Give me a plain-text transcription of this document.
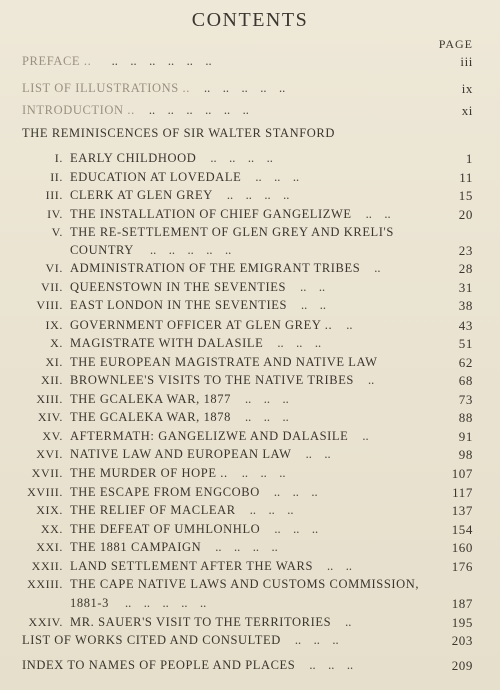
CONTENTS
PAGE
PREFACE ..	iii
..    ..    ..    ..    ..    ..
LIST OF ILLUSTRATIONS ..	ix
..    ..    ..    ..    ..
INTRODUCTION ..	xi
..    ..    ..    ..    ..    ..
THE REMINISCENCES OF SIR WALTER STANFORD
I. EARLY CHILDHOOD	1
..    ..    ..    ..
II. EDUCATION AT LOVEDALE	11
..    ..    ..
III. CLERK AT GLEN GREY	15
..    ..    ..    ..
IV. THE INSTALLATION OF CHIEF GANGELIZWE	20
..    ..
V. THE RE-SETTLEMENT OF GLEN GREY AND KRELI'S
COUNTRY	23
..    ..    ..    ..    ..
VI. ADMINISTRATION OF THE EMIGRANT TRIBES	28
..
VII. QUEENSTOWN IN THE SEVENTIES	31
..    ..
VIII. EAST LONDON IN THE SEVENTIES	38
..    ..
IX. GOVERNMENT OFFICER AT GLEN GREY ..	43
..
X. MAGISTRATE WITH DALASILE	51
..    ..    ..
XI. THE EUROPEAN MAGISTRATE AND NATIVE LAW	62
XII. BROWNLEE'S VISITS TO THE NATIVE TRIBES	68
..
XIII. THE GCALEKA WAR, 1877	73
..    ..    ..
XIV. THE GCALEKA WAR, 1878	88
..    ..    ..
XV. AFTERMATH: GANGELIZWE AND DALASILE	91
..
XVI. NATIVE LAW AND EUROPEAN LAW	98
..    ..
XVII. THE MURDER OF HOPE ..	107
..    ..    ..
XVIII. THE ESCAPE FROM ENGCOBO	117
..    ..    ..
XIX. THE RELIEF OF MACLEAR	137
..    ..    ..
XX. THE DEFEAT OF UMHLONHLO	154
..    ..    ..
XXI. THE 1881 CAMPAIGN	160
..    ..    ..    ..
XXII. LAND SETTLEMENT AFTER THE WARS	176
..    ..
XXIII. THE CAPE NATIVE LAWS AND CUSTOMS COMMISSION,
1881-3	187
..    ..    ..    ..    ..
XXIV. MR. SAUER'S VISIT TO THE TERRITORIES	195
..
LIST OF WORKS CITED AND CONSULTED	203
..    ..    ..
INDEX TO NAMES OF PEOPLE AND PLACES	209
..    ..    ..
